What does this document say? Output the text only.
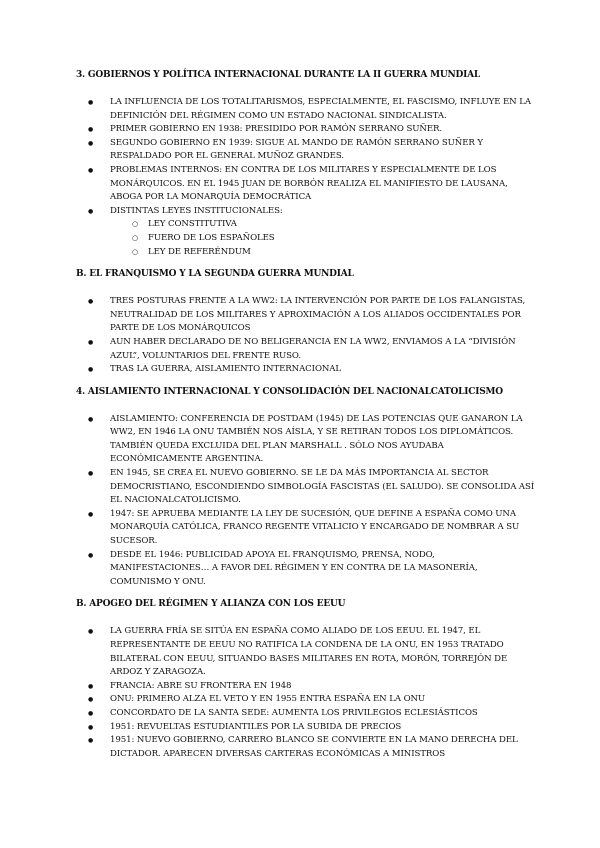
3. GOBIERNOS Y POLÍTICA INTERNACIONAL DURANTE LA II GUERRA MUNDIAL
● LA INFLUENCIA DE LOS TOTALITARISMOS, ESPECIALMENTE, EL FASCISMO, INFLUYE EN LA DEFINICIÓN DEL RÉGIMEN COMO UN ESTADO NACIONAL SINDICALISTA.
● PRIMER GOBIERNO EN 1938: PRESIDIDO POR RAMÓN SERRANO SUÑER.
● SEGUNDO GOBIERNO EN 1939: SIGUE AL MANDO DE RAMÓN SERRANO SUÑER Y RESPALDADO POR EL GENERAL MUÑOZ GRANDES.
● PROBLEMAS INTERNOS: EN CONTRA DE LOS MILITARES Y ESPECIALMENTE DE LOS MONÁRQUICOS. EN EL 1945 JUAN DE BORBÓN REALIZA EL MANIFIESTO DE LAUSANA, ABOGA POR LA MONARQUÍA DEMOCRÁTICA
● DISTINTAS LEYES INSTITUCIONALES:
○ LEY CONSTITUTIVA
○ FUERO DE LOS ESPAÑOLES
○ LEY DE REFERÉNDUM
B. EL FRANQUISMO Y LA SEGUNDA GUERRA MUNDIAL
● TRES POSTURAS FRENTE A LA WW2: LA INTERVENCIÓN POR PARTE DE LOS FALANGISTAS, NEUTRALIDAD DE LOS MILITARES Y APROXIMACIÓN A LOS ALIADOS OCCIDENTALES POR PARTE DE LOS MONÁRQUICOS
● AUN HABER DECLARADO DE NO BELIGERANCIA EN LA WW2, ENVIAMOS A LA “DIVISIÓN AZUL”, VOLUNTARIOS DEL FRENTE RUSO.
● TRAS LA GUERRA, AISLAMIENTO INTERNACIONAL
4. AISLAMIENTO INTERNACIONAL Y CONSOLIDACIÓN DEL NACIONALCATOLICISMO
● AISLAMIENTO: CONFERENCIA DE POSTDAM (1945) DE LAS POTENCIAS QUE GANARON LA WW2, EN 1946 LA ONU TAMBIÉN NOS AÍSLA, Y SE RETIRAN TODOS LOS DIPLOMÁTICOS. TAMBIÉN QUEDA EXCLUIDA DEL PLAN MARSHALL . SÓLO NOS AYUDABA ECONÓMICAMENTE ARGENTINA.
● EN 1945, SE CREA EL NUEVO GOBIERNO. SE LE DA MÁS IMPORTANCIA AL SECTOR DEMOCRISTIANO, ESCONDIENDO SIMBOLOGÍA FASCISTAS (EL SALUDO). SE CONSOLIDA ASÍ EL NACIONALCATOLICISMO.
● 1947: SE APRUEBA MEDIANTE LA LEY DE SUCESIÓN, QUE DEFINE A ESPAÑA COMO UNA MONARQUÍA CATÓLICA, FRANCO REGENTE VITALICIO Y ENCARGADO DE NOMBRAR A SU SUCESOR.
● DESDE EL 1946: PUBLICIDAD APOYA EL FRANQUISMO, PRENSA, NODO, MANIFESTACIONES… A FAVOR DEL RÉGIMEN Y EN CONTRA DE LA MASONERÍA, COMUNISMO Y ONU.
B. APOGEO DEL RÉGIMEN Y ALIANZA CON LOS EEUU
● LA GUERRA FRÍA SE SITÚA EN ESPAÑA COMO ALIADO DE LOS EEUU. EL 1947, EL REPRESENTANTE DE EEUU NO RATIFICA LA CONDENA DE LA ONU, EN 1953 TRATADO BILATERAL CON EEUU, SITUANDO BASES MILITARES EN ROTA, MORÓN, TORREJÓN DE ARDOZ Y ZARAGOZA.
● FRANCIA: ABRE SU FRONTERA EN 1948
● ONU: PRIMERO ALZA EL VETO Y EN 1955 ENTRA ESPAÑA EN LA ONU
● CONCORDATO DE LA SANTA SEDE: AUMENTA LOS PRIVILEGIOS ECLESIÁSTICOS
● 1951: REVUELTAS ESTUDIANTILES POR LA SUBIDA DE PRECIOS
● 1951: NUEVO GOBIERNO, CARRERO BLANCO SE CONVIERTE EN LA MANO DERECHA DEL DICTADOR. APARECEN DIVERSAS CARTERAS ECONÓMICAS A MINISTROS
